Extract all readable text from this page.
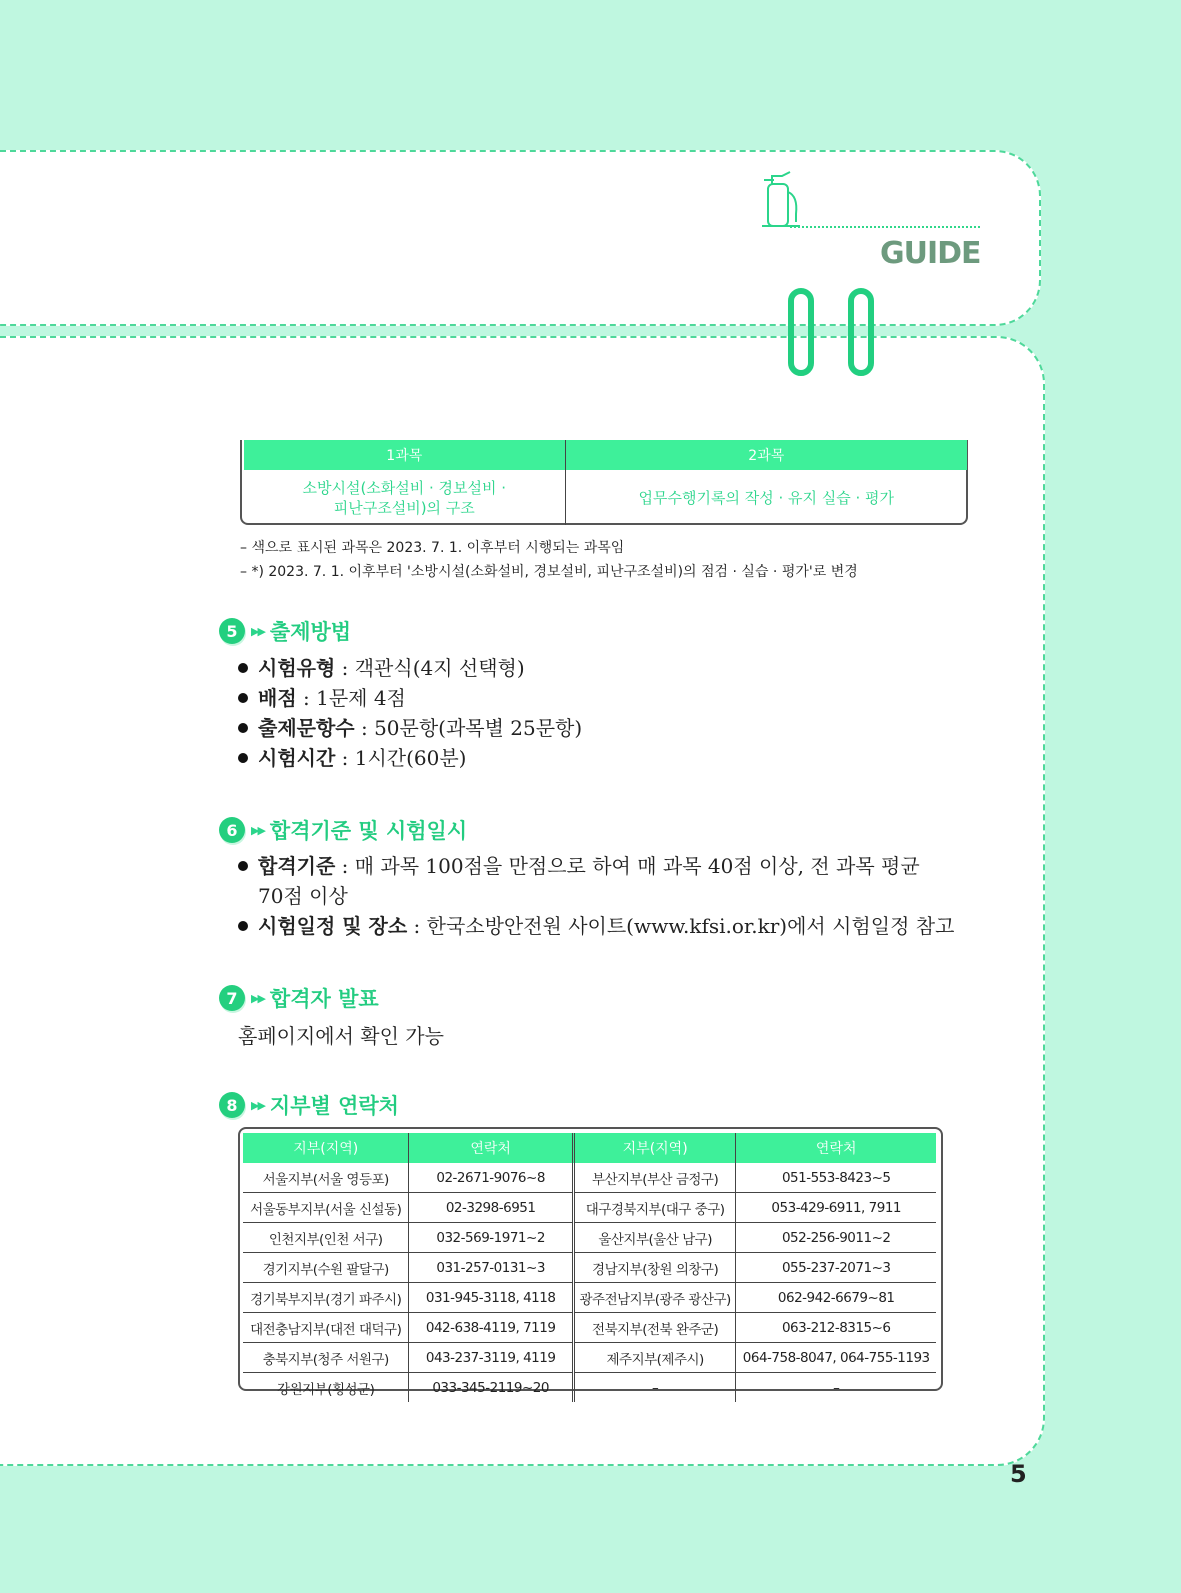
GUIDE
1과목	2과목
소방시설(소화설비 · 경보설비 ·
피난구조설비)의 구조	업무수행기록의 작성 · 유지 실습 · 평가
– 색으로 표시된 과목은 2023. 7. 1. 이후부터 시행되는 과목임
– *) 2023. 7. 1. 이후부터 '소방시설(소화설비, 경보설비, 피난구조설비)의 점검 · 실습 · 평가'로 변경
5	▶▶ 출제방법
시험유형 : 객관식(4지 선택형)
배점 : 1문제 4점
출제문항수 : 50문항(과목별 25문항)
시험시간 : 1시간(60분)
6	▶▶ 합격기준 및 시험일시
합격기준 : 매 과목 100점을 만점으로 하여 매 과목 40점 이상, 전 과목 평균
70점 이상
시험일정 및 장소 : 한국소방안전원 사이트(www.kfsi.or.kr)에서 시험일정 참고
7	▶▶ 합격자 발표
홈페이지에서 확인 가능
8	▶▶ 지부별 연락처
지부(지역)	연락처	지부(지역)	연락처
서울지부(서울 영등포)	02-2671-9076~8	부산지부(부산 금정구)	051-553-8423~5
서울동부지부(서울 신설동)	02-3298-6951	대구경북지부(대구 중구)	053-429-6911, 7911
인천지부(인천 서구)	032-569-1971~2	울산지부(울산 남구)	052-256-9011~2
경기지부(수원 팔달구)	031-257-0131~3	경남지부(창원 의창구)	055-237-2071~3
경기북부지부(경기 파주시)	031-945-3118, 4118	광주전남지부(광주 광산구)	062-942-6679~81
대전충남지부(대전 대덕구)	042-638-4119, 7119	전북지부(전북 완주군)	063-212-8315~6
충북지부(청주 서원구)	043-237-3119, 4119	제주지부(제주시)	064-758-8047, 064-755-1193
강원지부(횡성군)	033-345-2119~20	–	–
5
